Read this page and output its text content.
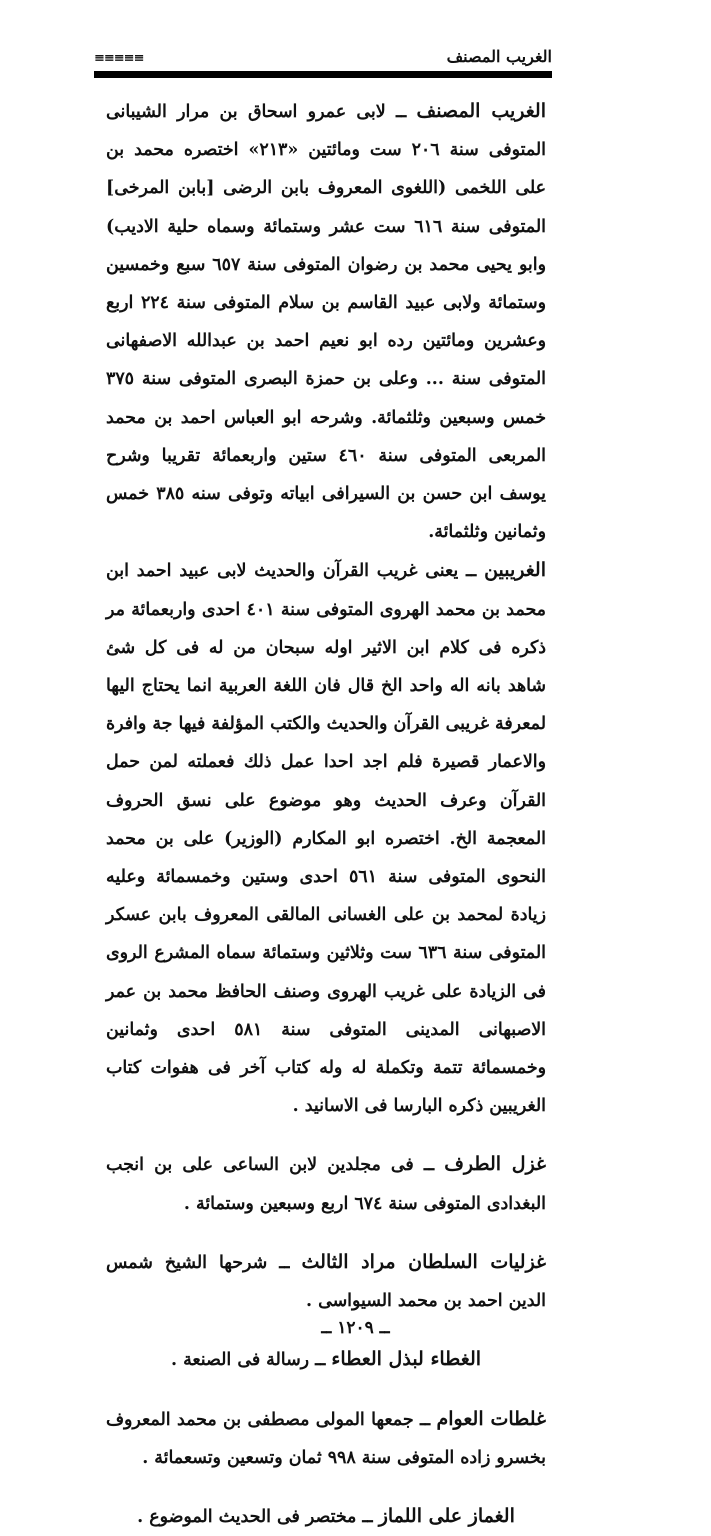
الغريب المصنف
≡≡≡≡≡

الغريب المصنف ــ لابى عمرو اسحاق بن مرار الشيبانى المتوفى سنة ٢٠٦ ست ومائتين «٢١٣» اختصره محمد بن على اللخمى (اللغوى المعروف بابن الرضى [بابن المرخى] المتوفى سنة ٦١٦ ست عشر وستمائة وسماه حلية الاديب) وابو يحيى محمد بن رضوان المتوفى سنة ٦٥٧ سبع وخمسين وستمائة ولابى عبيد القاسم بن سلام المتوفى سنة ٢٢٤ اربع وعشرين ومائتين رده ابو نعيم احمد بن عبدالله الاصفهانى المتوفى سنة ... وعلى بن حمزة البصرى المتوفى سنة ٣٧٥ خمس وسبعين وثلثمائة. وشرحه ابو العباس احمد بن محمد المربعى المتوفى سنة ٤٦٠ ستين واربعمائة تقريبا وشرح يوسف ابن حسن بن السيرافى ابياته وتوفى سنه ٣٨٥ خمس وثمانين وثلثمائة.

الغريبين ــ يعنى غريب القرآن والحديث لابى عبيد احمد ابن محمد بن محمد الهروى المتوفى سنة ٤٠١ احدى واربعمائة مر ذكره فى كلام ابن الاثير اوله سبحان من له فى كل شئ شاهد بانه اله واحد الخ قال فان اللغة العربية انما يحتاج اليها لمعرفة غريبى القرآن والحديث والكتب المؤلفة فيها جة وافرة والاعمار قصيرة فلم اجد احدا عمل ذلك فعملته لمن حمل القرآن وعرف الحديث وهو موضوع على نسق الحروف المعجمة الخ. اختصره ابو المكارم (الوزير) على بن محمد النحوى المتوفى سنة ٥٦١ احدى وستين وخمسمائة وعليه زيادة لمحمد بن على الغسانى المالقى المعروف بابن عسكر المتوفى سنة ٦٣٦ ست وثلاثين وستمائة سماه المشرع الروى فى الزيادة على غريب الهروى وصنف الحافظ محمد بن عمر الاصبهانى المدينى المتوفى سنة ٥٨١ احدى وثمانين وخمسمائة تتمة وتكملة له وله كتاب آخر فى هفوات كتاب الغريبين ذكره البارسا فى الاسانيد .

غزل الطرف ــ فى مجلدين لابن الساعى على بن انجب البغدادى المتوفى سنة ٦٧٤ اربع وسبعين وستمائة .

غزليات السلطان مراد الثالث ــ شرحها الشيخ شمس الدين احمد بن محمد السيواسى .

الغطاء لبذل العطاء ــ رسالة فى الصنعة .

غلطات العوام ــ جمعها المولى مصطفى بن محمد المعروف بخسرو زاده المتوفى سنة ٩٩٨ ثمان وتسعين وتسعمائة .

الغماز على اللماز ــ مختصر فى الحديث الموضوع .

ــ ١٢٠٩ ــ
